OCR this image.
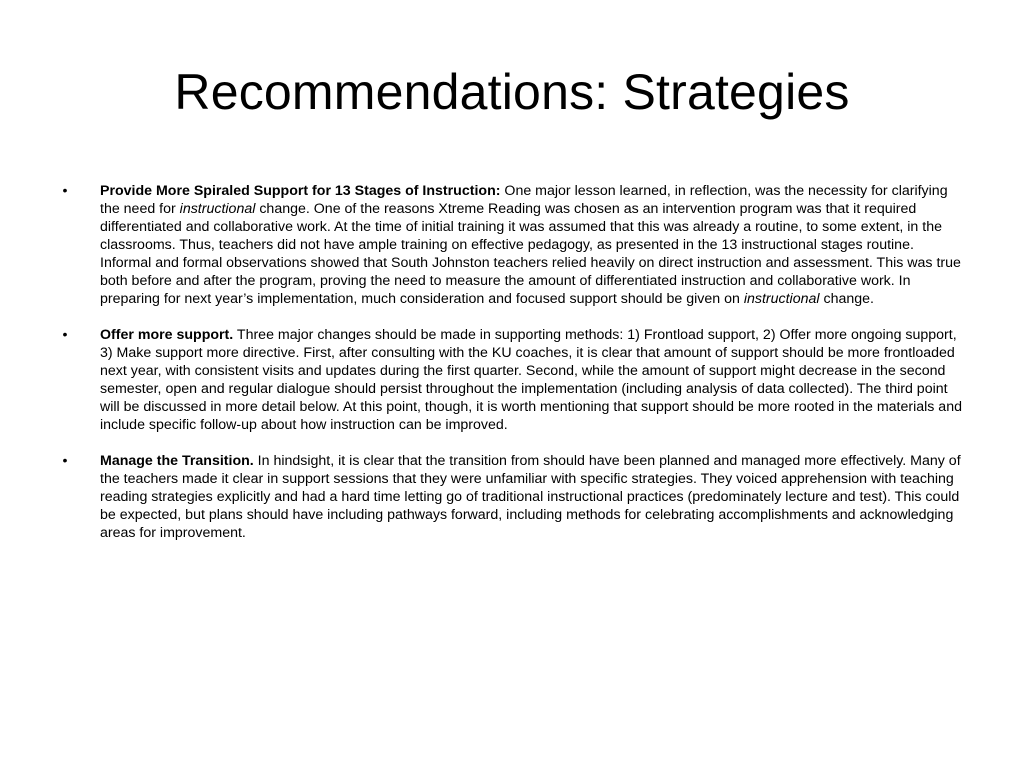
Recommendations: Strategies
•	Provide More Spiraled Support for 13 Stages of Instruction: One major lesson learned, in reflection, was the necessity for clarifying the need for instructional change. One of the reasons Xtreme Reading was chosen as an intervention program was that it required differentiated and collaborative work. At the time of initial training it was assumed that this was already a routine, to some extent, in the classrooms. Thus, teachers did not have ample training on effective pedagogy, as presented in the 13 instructional stages routine. Informal and formal observations showed that South Johnston teachers relied heavily on direct instruction and assessment. This was true both before and after the program, proving the need to measure the amount of differentiated instruction and collaborative work. In preparing for next year’s implementation, much consideration and focused support should be given on instructional change.
•	Offer more support. Three major changes should be made in supporting methods: 1) Frontload support, 2) Offer more ongoing support, 3) Make support more directive. First, after consulting with the KU coaches, it is clear that amount of support should be more frontloaded next year, with consistent visits and updates during the first quarter. Second, while the amount of support might decrease in the second semester, open and regular dialogue should persist throughout the implementation (including analysis of data collected). The third point will be discussed in more detail below. At this point, though, it is worth mentioning that support should be more rooted in the materials and include specific follow-up about how instruction can be improved.
•	Manage the Transition. In hindsight, it is clear that the transition from should have been planned and managed more effectively. Many of the teachers made it clear in support sessions that they were unfamiliar with specific strategies. They voiced apprehension with teaching reading strategies explicitly and had a hard time letting go of traditional instructional practices (predominately lecture and test). This could be expected, but plans should have including pathways forward, including methods for celebrating accomplishments and acknowledging areas for improvement.
